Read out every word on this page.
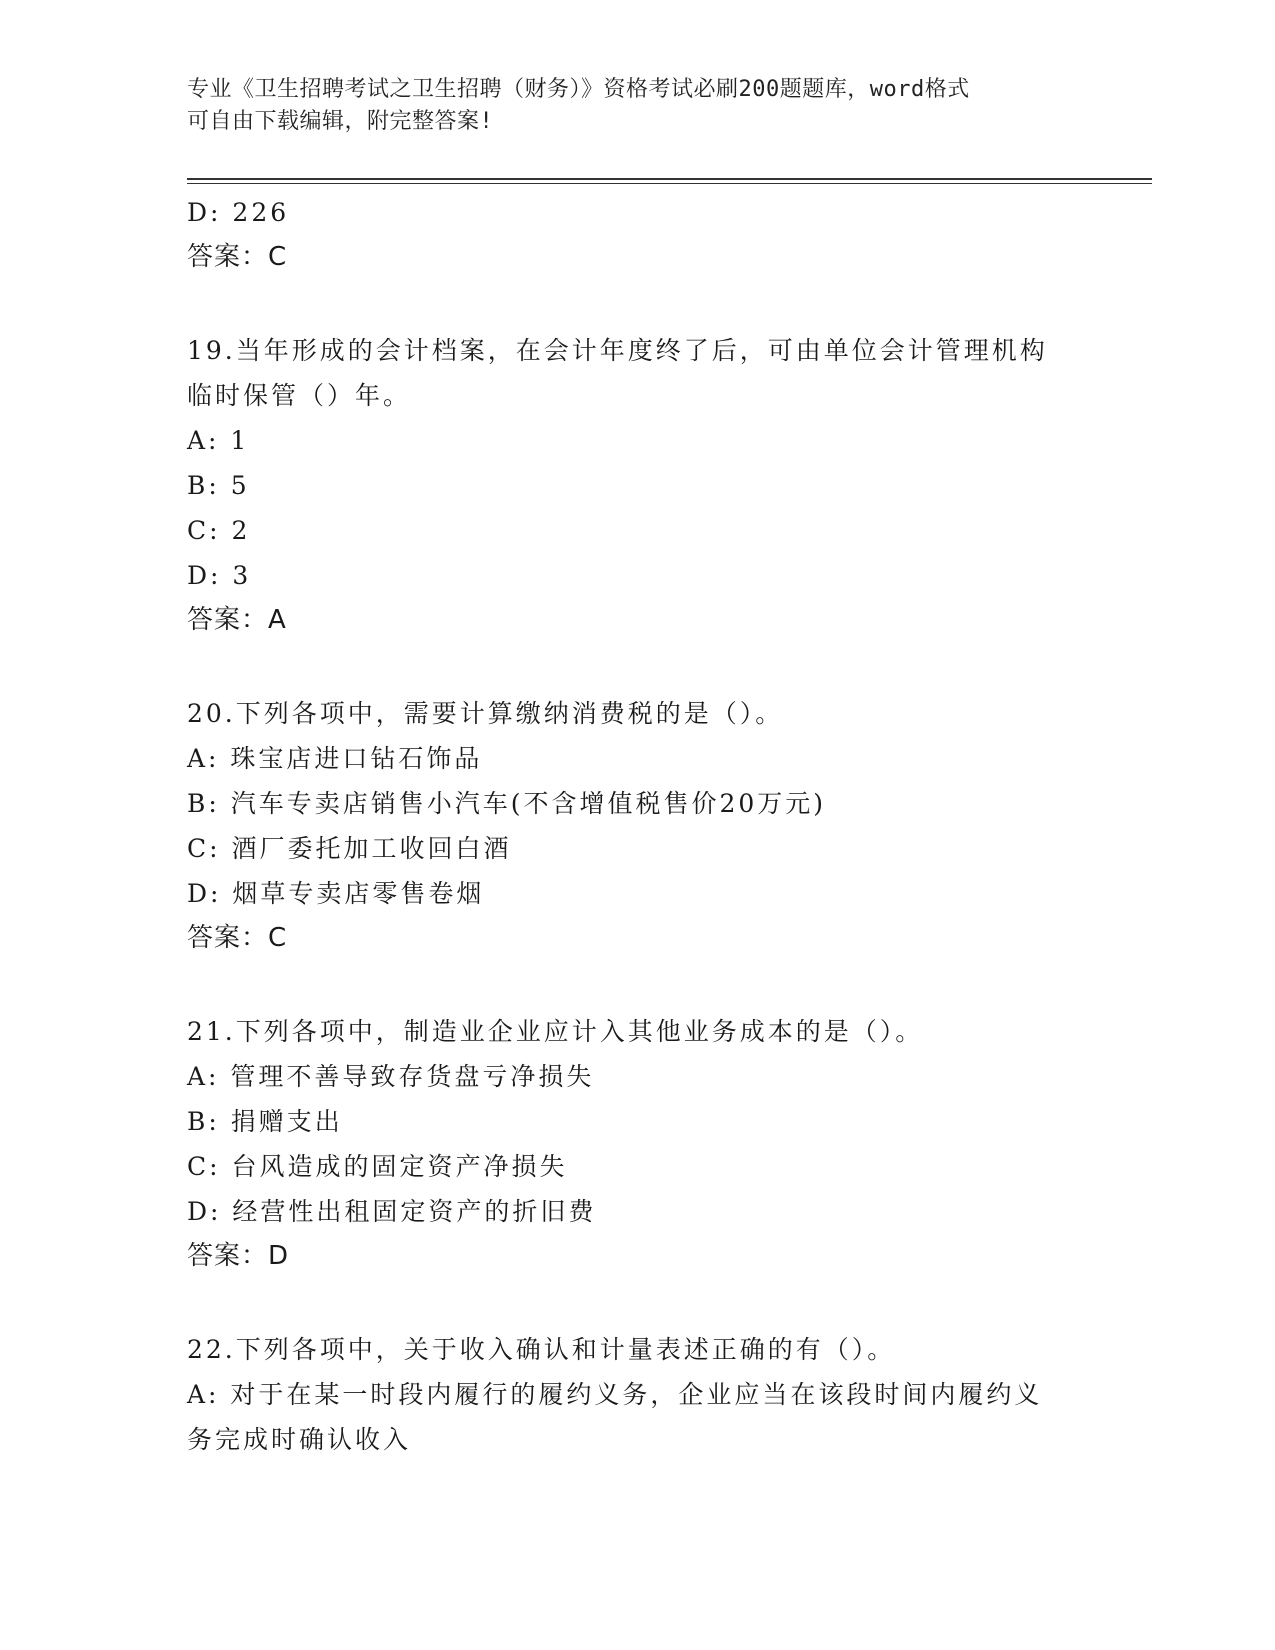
专业《卫生招聘考试之卫生招聘（财务）》资格考试必刷200题题库，word格式
可自由下载编辑，附完整答案!
D: 226
答案：C
19.当年形成的会计档案，在会计年度终了后，可由单位会计管理机构
临时保管（）年。
A: 1
B: 5
C: 2
D: 3
答案：A
20.下列各项中，需要计算缴纳消费税的是（）。
A: 珠宝店进口钻石饰品
B: 汽车专卖店销售小汽车(不含增值税售价20万元)
C: 酒厂委托加工收回白酒
D: 烟草专卖店零售卷烟
答案：C
21.下列各项中，制造业企业应计入其他业务成本的是（）。
A: 管理不善导致存货盘亏净损失
B: 捐赠支出
C: 台风造成的固定资产净损失
D: 经营性出租固定资产的折旧费
答案：D
22.下列各项中，关于收入确认和计量表述正确的有（）。
A: 对于在某一时段内履行的履约义务，企业应当在该段时间内履约义
务完成时确认收入
